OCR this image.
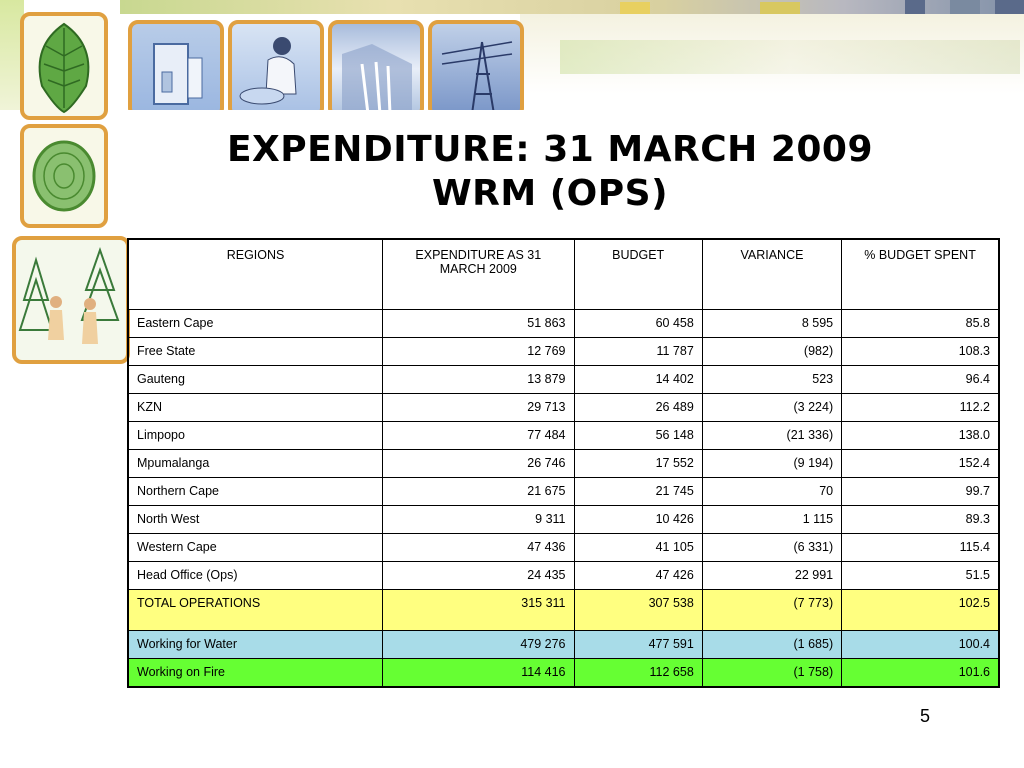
EXPENDITURE: 31 MARCH 2009
WRM (OPS)
REGIONS	EXPENDITURE AS 31 MARCH 2009	BUDGET	VARIANCE	% BUDGET SPENT
Eastern Cape	51 863	60 458	8 595	85.8
Free State	12 769	11 787	(982)	108.3
Gauteng	13 879	14 402	523	96.4
KZN	29 713	26 489	(3 224)	112.2
Limpopo	77 484	56 148	(21 336)	138.0
Mpumalanga	26 746	17 552	(9 194)	152.4
Northern Cape	21 675	21 745	70	99.7
North West	9 311	10 426	1 115	89.3
Western Cape	47 436	41 105	(6 331)	115.4
Head Office (Ops)	24 435	47 426	22 991	51.5
TOTAL OPERATIONS	315 311	307 538	(7 773)	102.5
Working for Water	479 276	477 591	(1 685)	100.4
Working on Fire	114 416	112 658	(1 758)	101.6
5
